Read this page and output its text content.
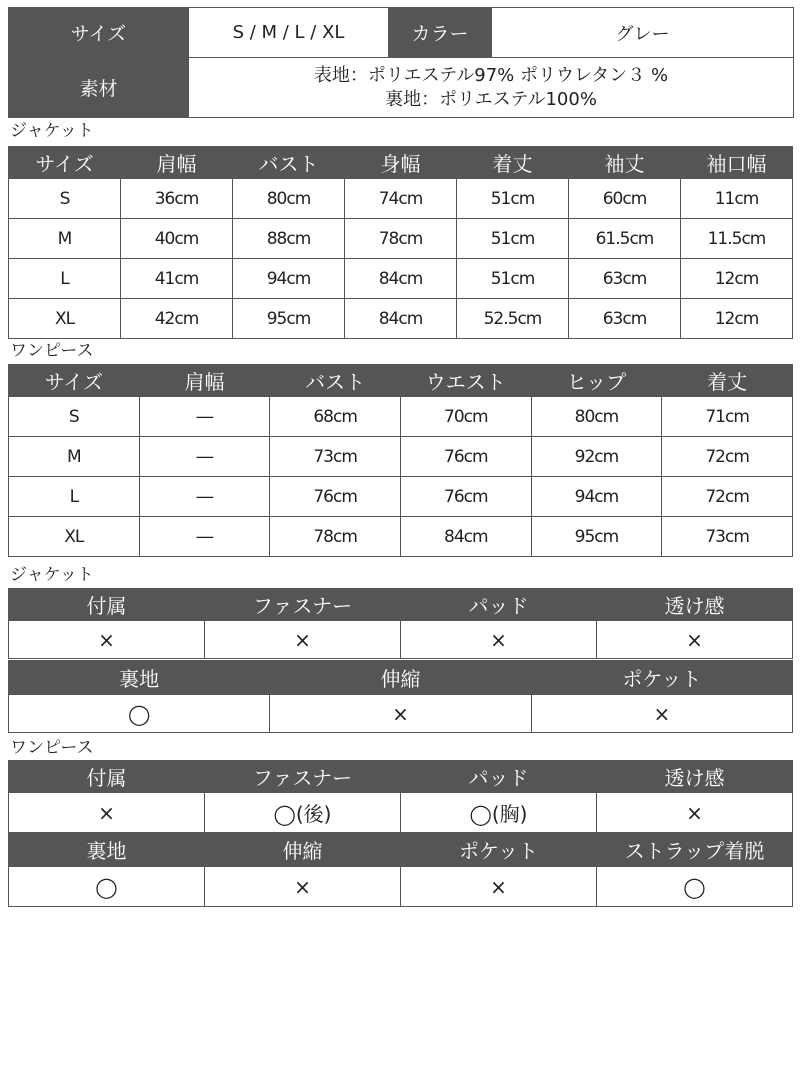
サイズ	S / M / L / XL	カラー	グレー
素材	表地：ポリエステル97% ポリウレタン３ %
裏地：ポリエステル100%		
ジャケット
サイズ	肩幅	バスト	身幅	着丈	袖丈	袖口幅
S	36cm	80cm	74cm	51cm	60cm	11cm
M	40cm	88cm	78cm	51cm	61.5cm	11.5cm
L	41cm	94cm	84cm	51cm	63cm	12cm
XL	42cm	95cm	84cm	52.5cm	63cm	12cm
ワンピース
サイズ	肩幅	バスト	ウエスト	ヒップ	着丈
S	―	68cm	70cm	80cm	71cm
M	―	73cm	76cm	92cm	72cm
L	―	76cm	76cm	94cm	72cm
XL	―	78cm	84cm	95cm	73cm
ジャケット
付属	ファスナー	パッド	透け感
×	×	×	×
裏地	伸縮	ポケット
◯	×	×
ワンピース
付属	ファスナー	パッド	透け感
×	◯(後)	◯(胸)	×
裏地	伸縮	ポケット	ストラップ着脱
◯	×	×	◯
